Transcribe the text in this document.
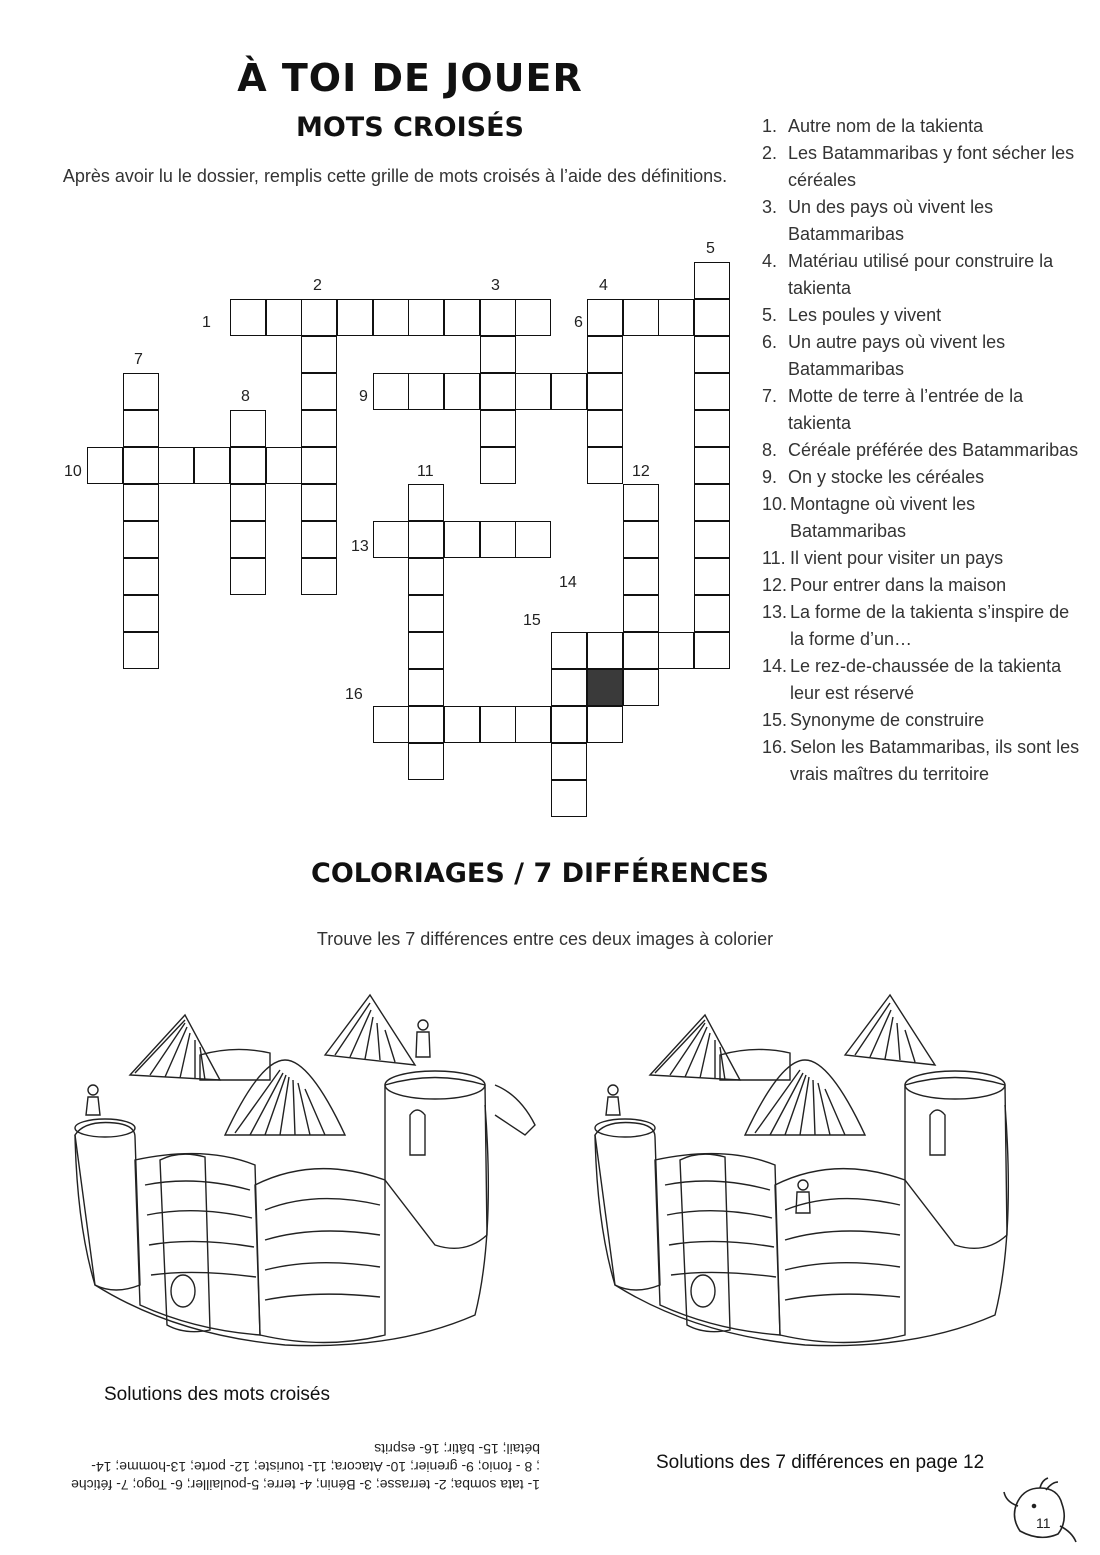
À TOI DE JOUER
MOTS CROISÉS
Après avoir lu le dossier, remplis cette grille de mots croisés à l’aide des définitions.
1
2	3	4
5
6
7
8	9
10	11	12
13
14
15
16
1. Autre nom de la takienta
2. Les Batammaribas y font sécher les céréales
3. Un des pays où vivent les Batammaribas
4. Matériau utilisé pour construire la takienta
5. Les poules y vivent
6. Un autre pays où vivent les Batammaribas
7. Motte de terre à l’entrée de la takienta
8. Céréale préférée des Batammaribas
9. On y stocke les céréales
10. Montagne où vivent les Batammaribas
11. Il vient pour visiter un pays
12. Pour entrer dans la maison
13. La forme de la takienta s’inspire de la forme d’un…
14. Le rez-de-chaussée de la takienta leur est réservé
15. Synonyme de construire
16. Selon les Batammaribas, ils sont les vrais maîtres du territoire
COLORIAGES / 7 DIFFÉRENCES
Trouve les 7 différences entre ces deux images à colorier
Solutions des mots croisés
1- tata somba; 2- terrasse; 3- Bénin; 4- terre; 5-poulailler; 6- Togo; 7- fétiche ; 8 - fonio; 9- grenier; 10- Atacora; 11- touriste; 12- porte; 13-homme; 14- bétail; 15- bâtir; 16- esprits
Solutions des 7 différences en page 12
11
